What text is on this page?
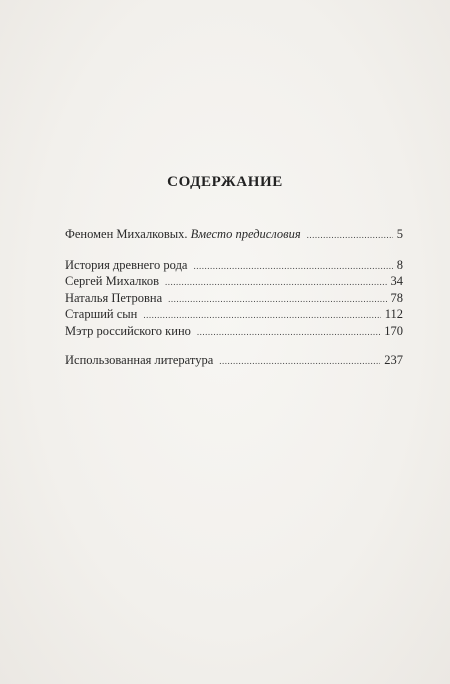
СОДЕРЖАНИЕ
Феномен Михалковых. Вместо предисловия .....	5
История древнего рода .....	8
Сергей Михалков .....	34
Наталья Петровна .....	78
Старший сын .....	112
Мэтр российского кино .....	170
Использованная литература .....	237
